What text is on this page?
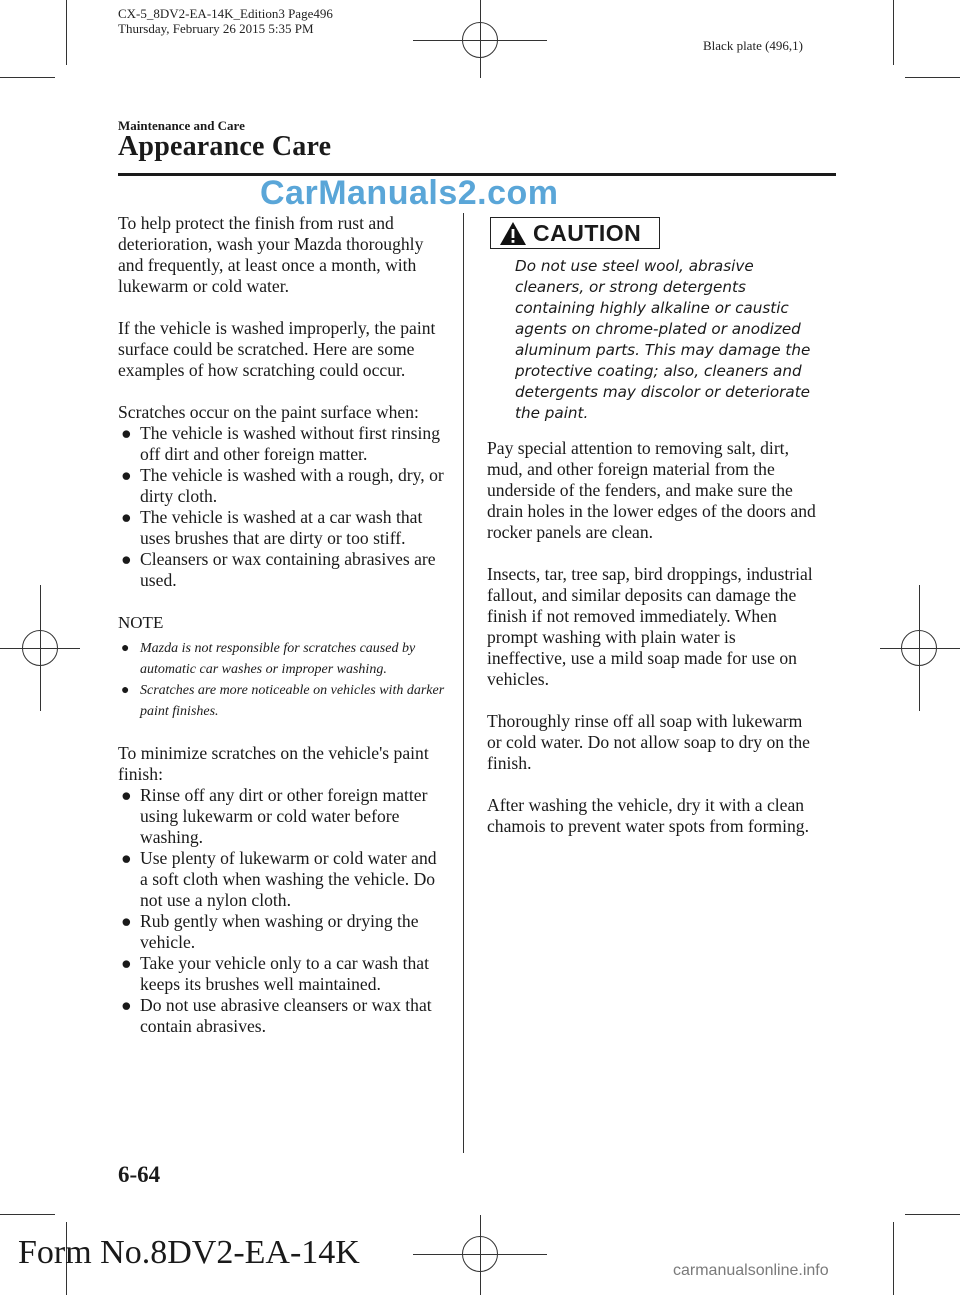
CX-5_8DV2-EA-14K_Edition3 Page496
Thursday, February 26 2015 5:35 PM
Black plate (496,1)
Maintenance and Care
Appearance Care
CarManuals2.com

To help protect the finish from rust and deterioration, wash your Mazda thoroughly and frequently, at least once a month, with lukewarm or cold water.

If the vehicle is washed improperly, the paint surface could be scratched. Here are some examples of how scratching could occur.

Scratches occur on the paint surface when:

● The vehicle is washed without first rinsing off dirt and other foreign matter.
● The vehicle is washed with a rough, dry, or dirty cloth.
● The vehicle is washed at a car wash that uses brushes that are dirty or too stiff.
● Cleansers or wax containing abrasives are used.
NOTE
● Mazda is not responsible for scratches caused by automatic car washes or improper washing.
● Scratches are more noticeable on vehicles with darker paint finishes.

To minimize scratches on the vehicle's paint finish:

● Rinse off any dirt or other foreign matter using lukewarm or cold water before washing.
● Use plenty of lukewarm or cold water and a soft cloth when washing the vehicle. Do not use a nylon cloth.
● Rub gently when washing or drying the vehicle.
● Take your vehicle only to a car wash that keeps its brushes well maintained.
● Do not use abrasive cleansers or wax that contain abrasives.
CAUTION
Do not use steel wool, abrasive cleaners, or strong detergents containing highly alkaline or caustic agents on chrome-plated or anodized aluminum parts. This may damage the protective coating; also, cleaners and detergents may discolor or deteriorate the paint.

Pay special attention to removing salt, dirt, mud, and other foreign material from the underside of the fenders, and make sure the drain holes in the lower edges of the doors and rocker panels are clean.

Insects, tar, tree sap, bird droppings, industrial fallout, and similar deposits can damage the finish if not removed immediately. When prompt washing with plain water is ineffective, use a mild soap made for use on vehicles.

Thoroughly rinse off all soap with lukewarm or cold water. Do not allow soap to dry on the finish.

After washing the vehicle, dry it with a clean chamois to prevent water spots from forming.

6-64
Form No.8DV2-EA-14K	carmanualsonline.info
